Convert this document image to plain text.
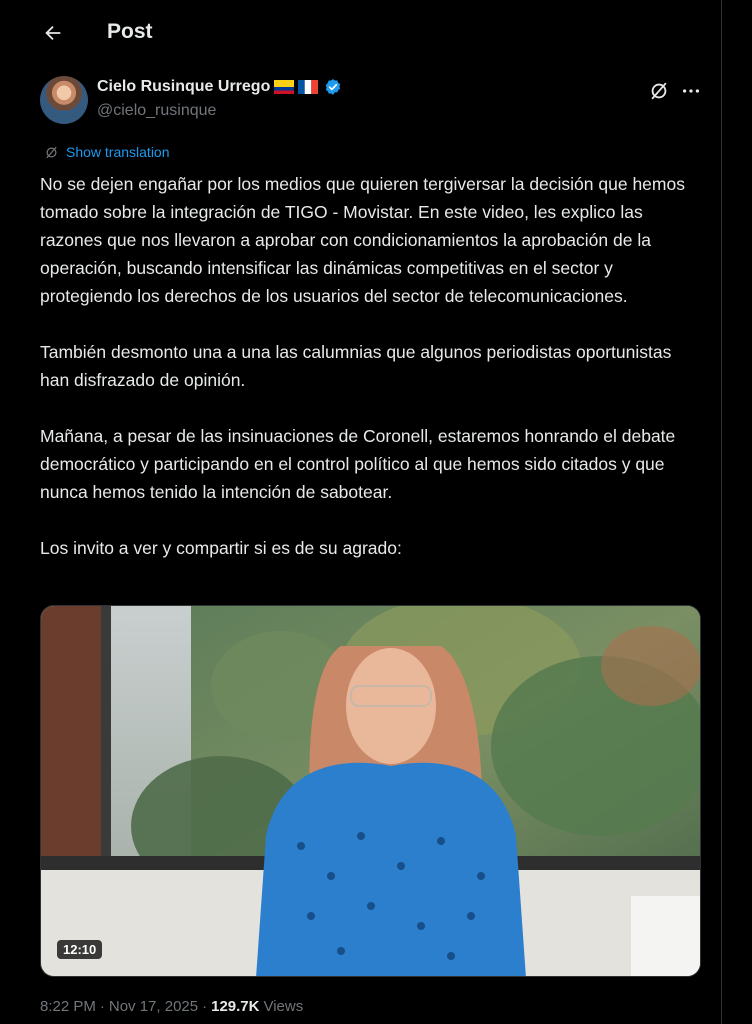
Post
Cielo Rusinque Urrego
@cielo_rusinque
Show translation

No se dejen engañar por los medios que quieren tergiversar la decisión que hemos tomado sobre la integración de TIGO - Movistar. En este video, les explico las razones que nos llevaron a aprobar con condicionamientos la aprobación de la operación, buscando intensificar las dinámicas competitivas en el sector y protegiendo los derechos de los usuarios del sector de telecomunicaciones.

También desmonto una a una las calumnias que algunos periodistas oportunistas han disfrazado de opinión.

Mañana, a pesar de las insinuaciones de Coronell, estaremos honrando el debate democrático y participando en el control político al que hemos sido citados y que nunca hemos tenido la intención de sabotear.

Los invito a ver y compartir si es de su agrado:

12:10
8:22 PM · Nov 17, 2025 · 129.7K Views
